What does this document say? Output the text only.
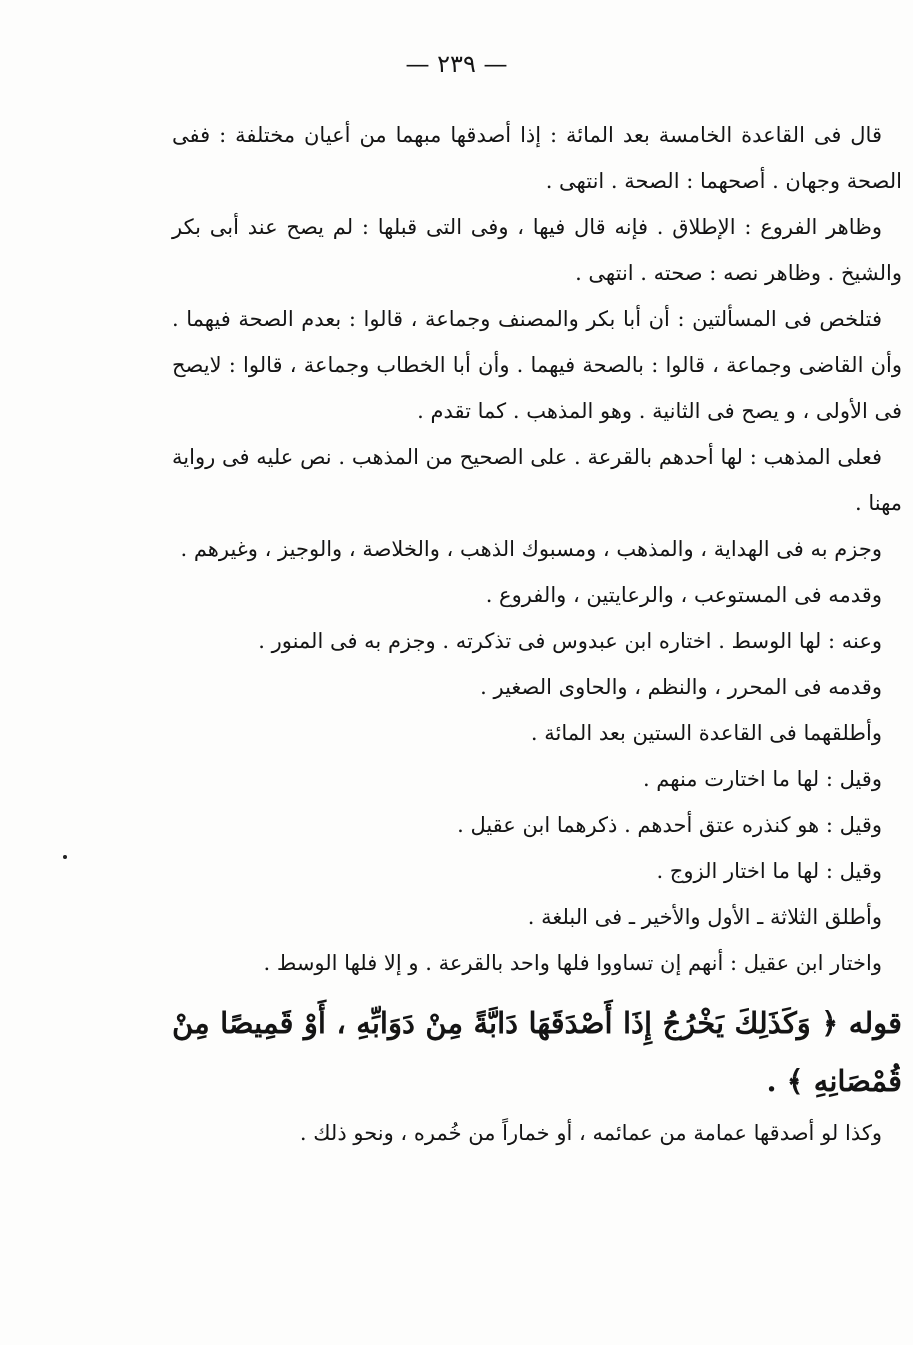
— ٢٣٩ —

قال فى القاعدة الخامسة بعد المائة : إذا أصدقها مبهما من أعيان مختلفة : ففى الصحة وجهان . أصحهما : الصحة . انتهى .

وظاهر الفروع : الإطلاق . فإنه قال فيها ، وفى التى قبلها : لم يصح عند أبى بكر والشيخ . وظاهر نصه : صحته . انتهى .

فتلخص فى المسألتين : أن أبا بكر والمصنف وجماعة ، قالوا : بعدم الصحة فيهما . وأن القاضى وجماعة ، قالوا : بالصحة فيهما . وأن أبا الخطاب وجماعة ، قالوا : لايصح فى الأولى ، و يصح فى الثانية . وهو المذهب . كما تقدم .

فعلى المذهب : لها أحدهم بالقرعة . على الصحيح من المذهب . نص عليه فى رواية مهنا .

وجزم به فى الهداية ، والمذهب ، ومسبوك الذهب ، والخلاصة ، والوجيز ، وغيرهم .

وقدمه فى المستوعب ، والرعايتين ، والفروع .

وعنه : لها الوسط . اختاره ابن عبدوس فى تذكرته . وجزم به فى المنور .

وقدمه فى المحرر ، والنظم ، والحاوى الصغير .

وأطلقهما فى القاعدة الستين بعد المائة .

وقيل : لها ما اختارت منهم .

وقيل : هو كنذره عتق أحدهم . ذكرهما ابن عقيل .

وقيل : لها ما اختار الزوج .

وأطلق الثلاثة ـ الأول والأخير ـ فى البلغة .

واختار ابن عقيل : أنهم إن تساووا فلها واحد بالقرعة . و إلا فلها الوسط .

قوله ﴿ وَكَذَلِكَ يَخْرُجُ إِذَا أَصْدَقَهَا دَابَّةً مِنْ دَوَابِّهِ ، أَوْ قَمِيصًا مِنْ قُمْصَانِهِ ﴾ .

وكذا لو أصدقها عمامة من عمائمه ، أو خماراً من خُمره ، ونحو ذلك .
